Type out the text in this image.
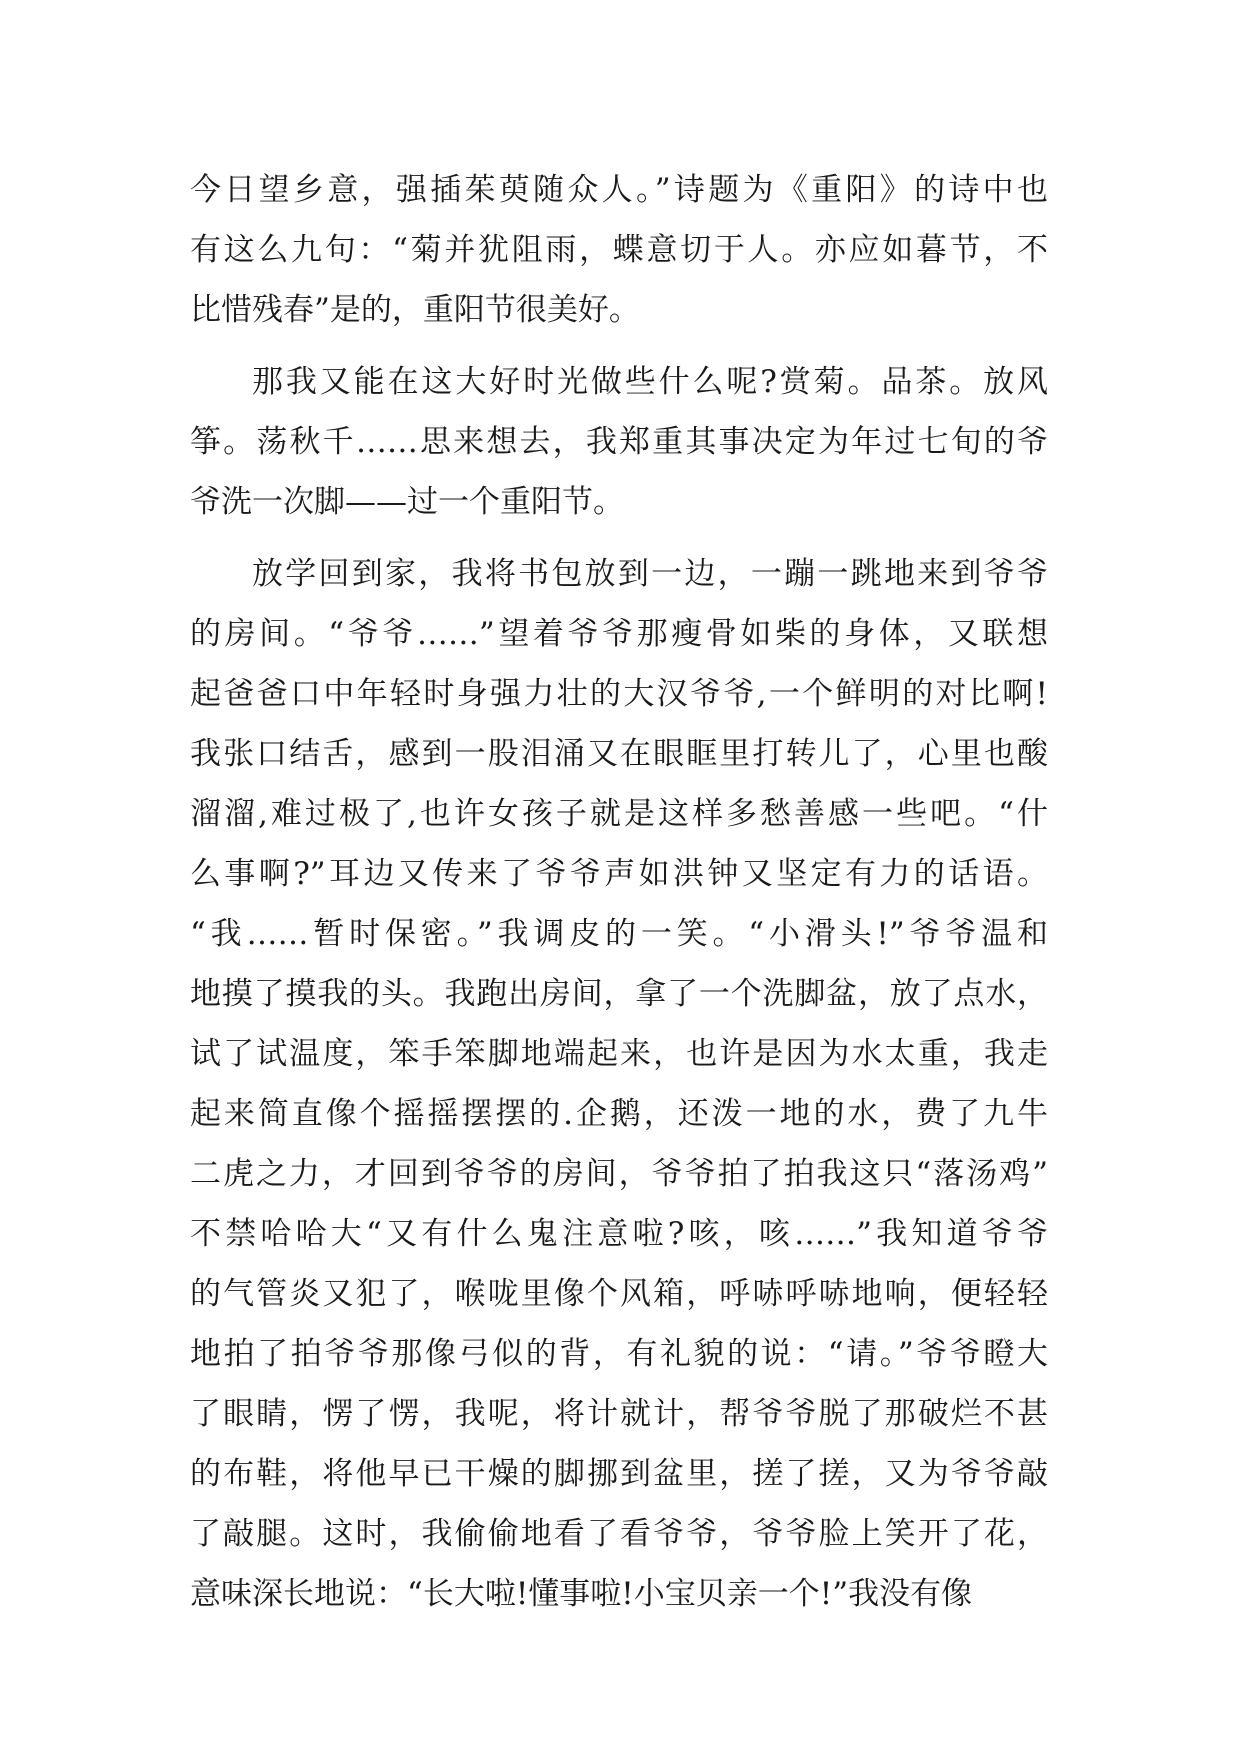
今日望乡意，强插茱萸随众人。”诗题为《重阳》的诗中也
有这么九句：“菊并犹阻雨，蝶意切于人。亦应如暮节，不
比惜残春”是的，重阳节很美好。
那我又能在这大好时光做些什么呢?赏菊。品茶。放风
筝。荡秋千……思来想去，我郑重其事决定为年过七旬的爷
爷洗一次脚——过一个重阳节。
放学回到家，我将书包放到一边，一蹦一跳地来到爷爷
的房间。“爷爷……”望着爷爷那瘦骨如柴的身体，又联想
起爸爸口中年轻时身强力壮的大汉爷爷,一个鲜明的对比啊!
我张口结舌，感到一股泪涌又在眼眶里打转儿了，心里也酸
溜溜,难过极了,也许女孩子就是这样多愁善感一些吧。“什
么事啊?”耳边又传来了爷爷声如洪钟又坚定有力的话语。
“我……暂时保密。”我调皮的一笑。“小滑头!”爷爷温和
地摸了摸我的头。我跑出房间，拿了一个洗脚盆，放了点水，
试了试温度，笨手笨脚地端起来，也许是因为水太重，我走
起来简直像个摇摇摆摆的.企鹅，还泼一地的水，费了九牛
二虎之力，才回到爷爷的房间，爷爷拍了拍我这只“落汤鸡”
不禁哈哈大“又有什么鬼注意啦?咳，咳……”我知道爷爷
的气管炎又犯了，喉咙里像个风箱，呼哧呼哧地响，便轻轻
地拍了拍爷爷那像弓似的背，有礼貌的说：“请。”爷爷瞪大
了眼睛，愣了愣，我呢，将计就计，帮爷爷脱了那破烂不甚
的布鞋，将他早已干燥的脚挪到盆里，搓了搓，又为爷爷敲
了敲腿。这时，我偷偷地看了看爷爷，爷爷脸上笑开了花，
意味深长地说：“长大啦!懂事啦!小宝贝亲一个!”我没有像
